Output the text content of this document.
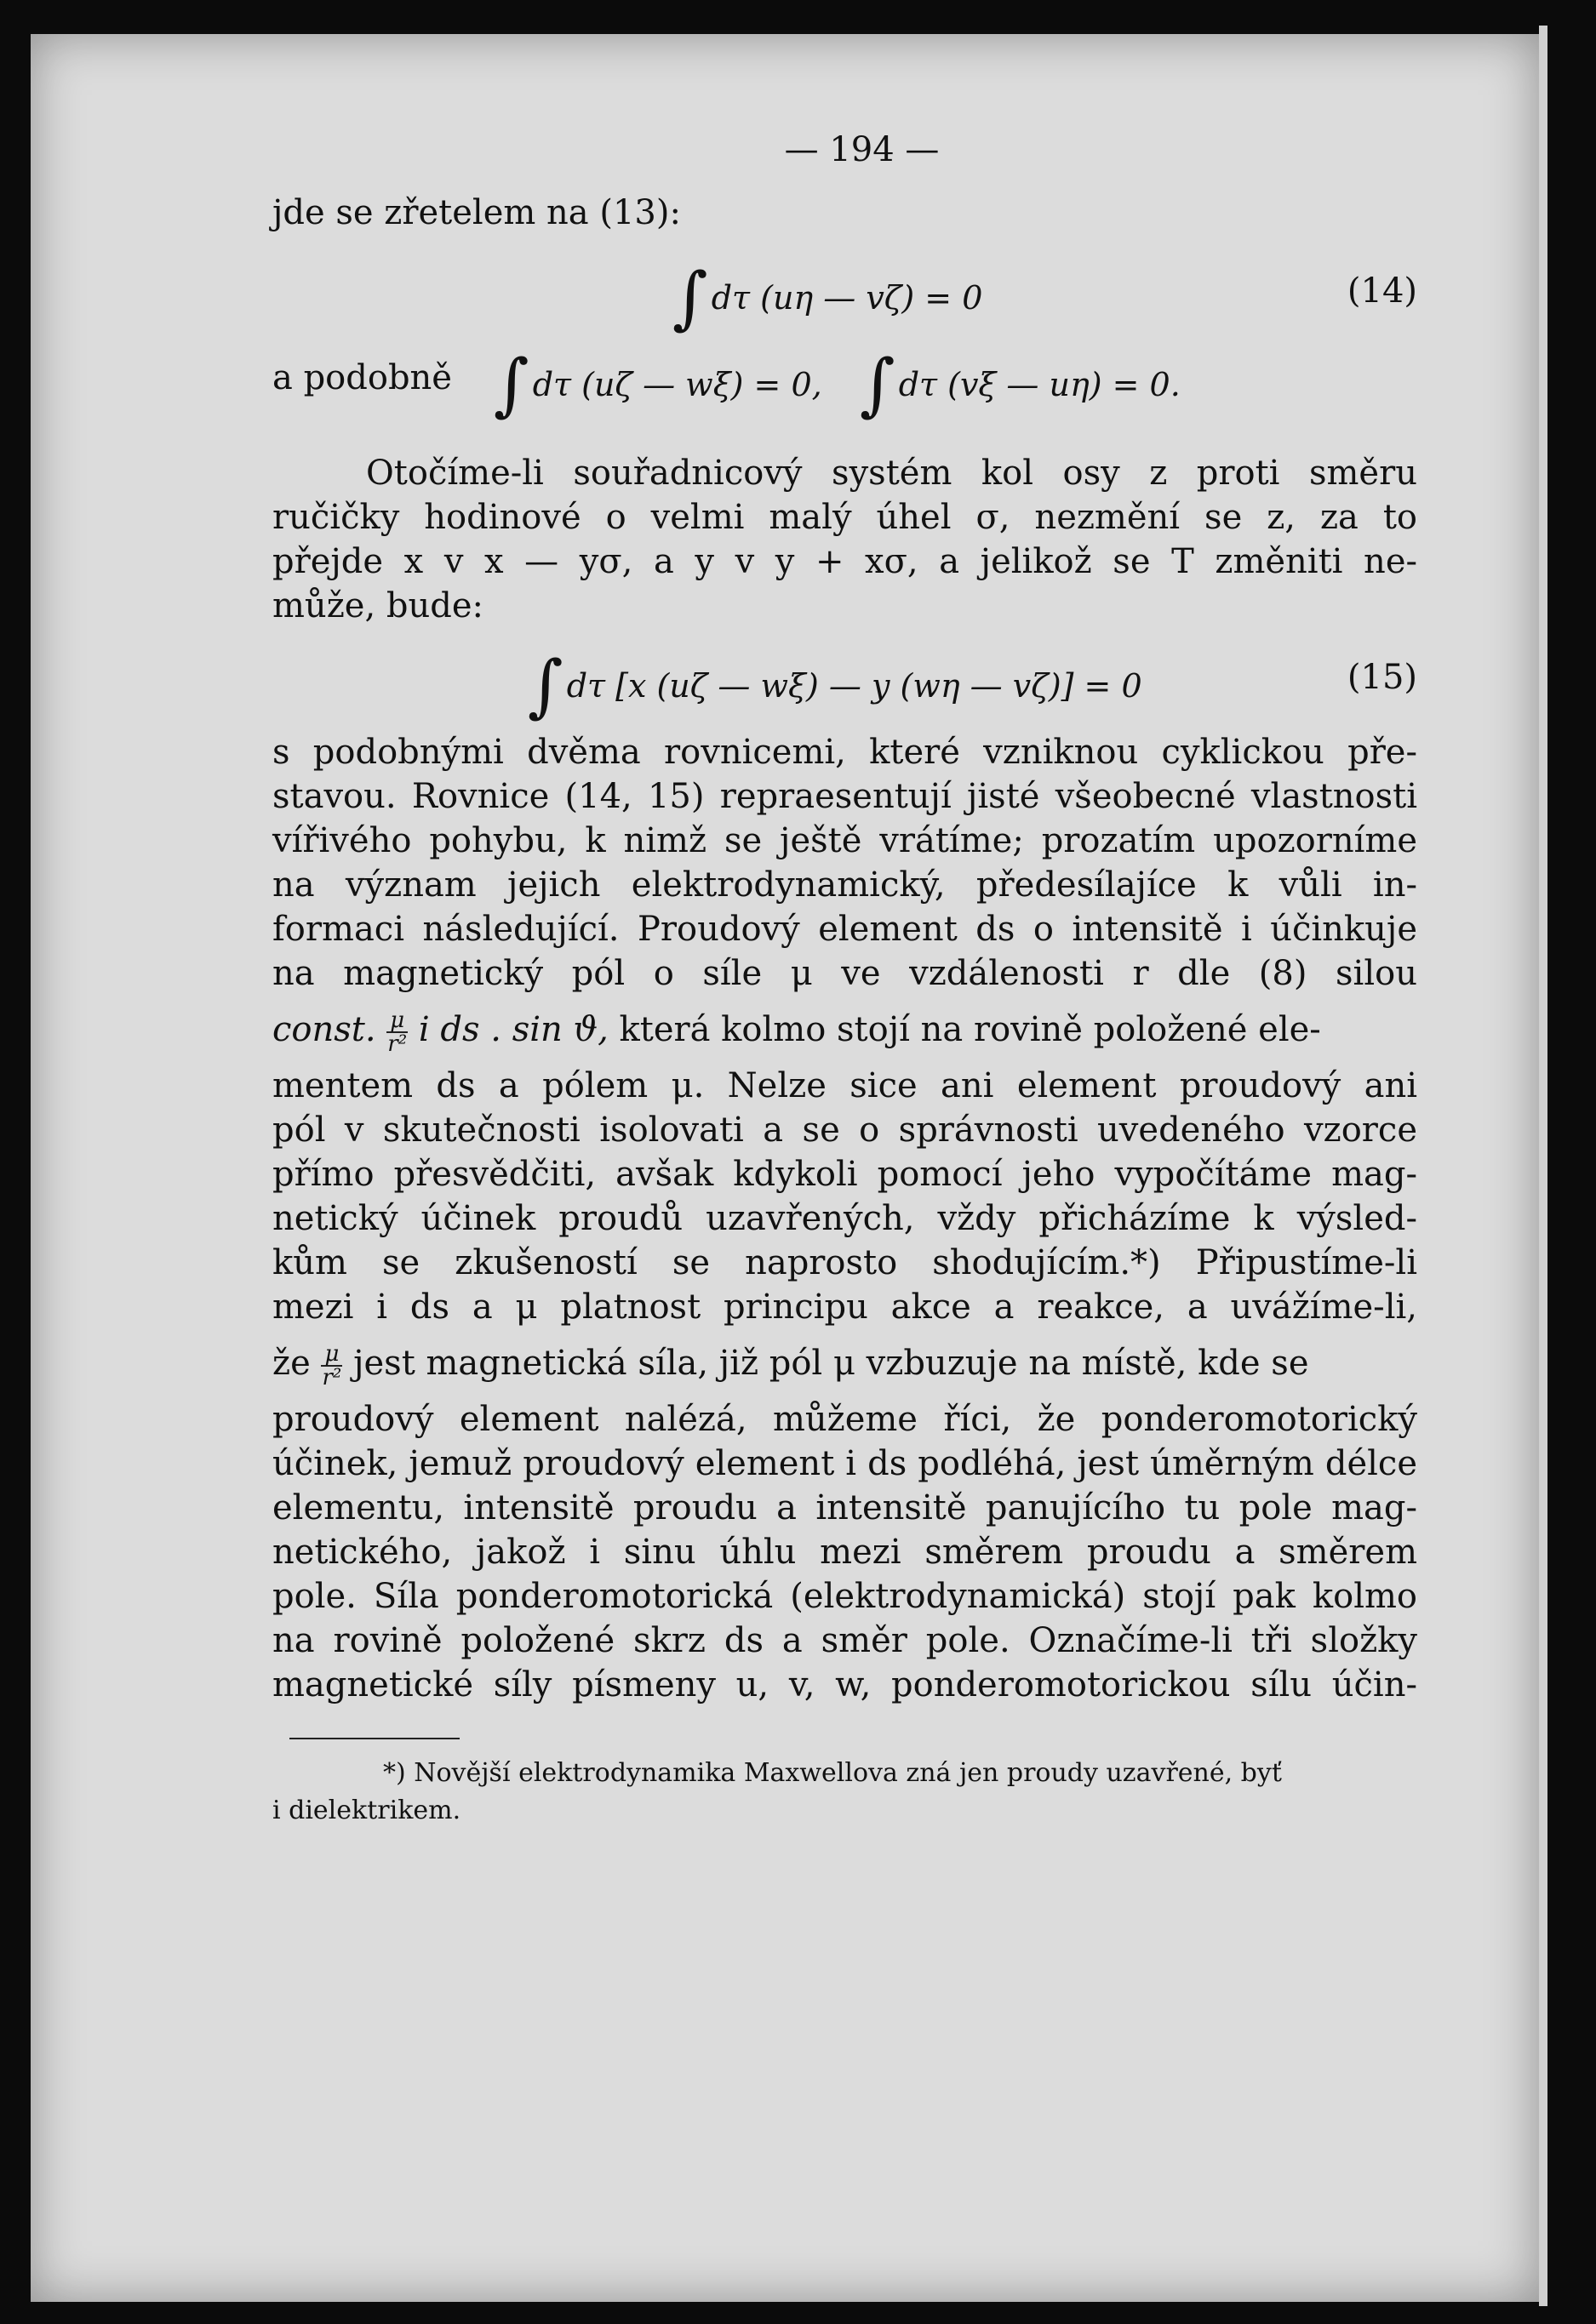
— 194 —
jde se zřetelem na (13):
∫ dτ (uη — vζ) = 0	(14)
a podobně ∫ dτ (uζ — wξ) = 0, ∫ dτ (vξ — uη) = 0.
Otočíme-li souřadnicový systém kol osy z proti směru
ručičky hodinové o velmi malý úhel σ, nezmění se z, za to
přejde x v x — yσ, a y v y + xσ, a jelikož se T změniti ne-
může, bude:
∫ dτ [x (uζ — wξ) — y (wη — vζ)] = 0	(15)
s podobnými dvěma rovnicemi, které vzniknou cyklickou pře-
stavou. Rovnice (14, 15) repraesentují jisté všeobecné vlastnosti
vířivého pohybu, k nimž se ještě vrátíme; prozatím upozorníme
na význam jejich elektrodynamický, předesílajíce k vůli in-
formaci následující. Proudový element ds o intensitě i účinkuje
na magnetický pól o síle μ ve vzdálenosti r dle (8) silou
const. $\frac{\mu}{\text{r²}}$ i ds . sin ϑ, která kolmo stojí na rovině položené ele-
mentem ds a pólem μ. Nelze sice ani element proudový ani
pól v skutečnosti isolovati a se o správnosti uvedeného vzorce
přímo přesvědčiti, avšak kdykoli pomocí jeho vypočítáme mag-
netický účinek proudů uzavřených, vždy přicházíme k výsled-
kům se zkušeností se naprosto shodujícím.*) Připustíme-li
mezi i ds a μ platnost principu akce a reakce, a uvážíme-li,
že $\frac{\mu}{\text{r²}}$ jest magnetická síla, již pól μ vzbuzuje na místě, kde se
proudový element nalézá, můžeme říci, že ponderomotorický
účinek, jemuž proudový element i ds podléhá, jest úměrným délce
elementu, intensitě proudu a intensitě panujícího tu pole mag-
netického, jakož i sinu úhlu mezi směrem proudu a směrem
pole. Síla ponderomotorická (elektrodynamická) stojí pak kolmo
na rovině položené skrz ds a směr pole. Označíme-li tři složky
magnetické síly písmeny u, v, w, ponderomotorickou sílu účin-
*) Novější elektrodynamika Maxwellova zná jen proudy uzavřené, byť
i dielektrikem.
